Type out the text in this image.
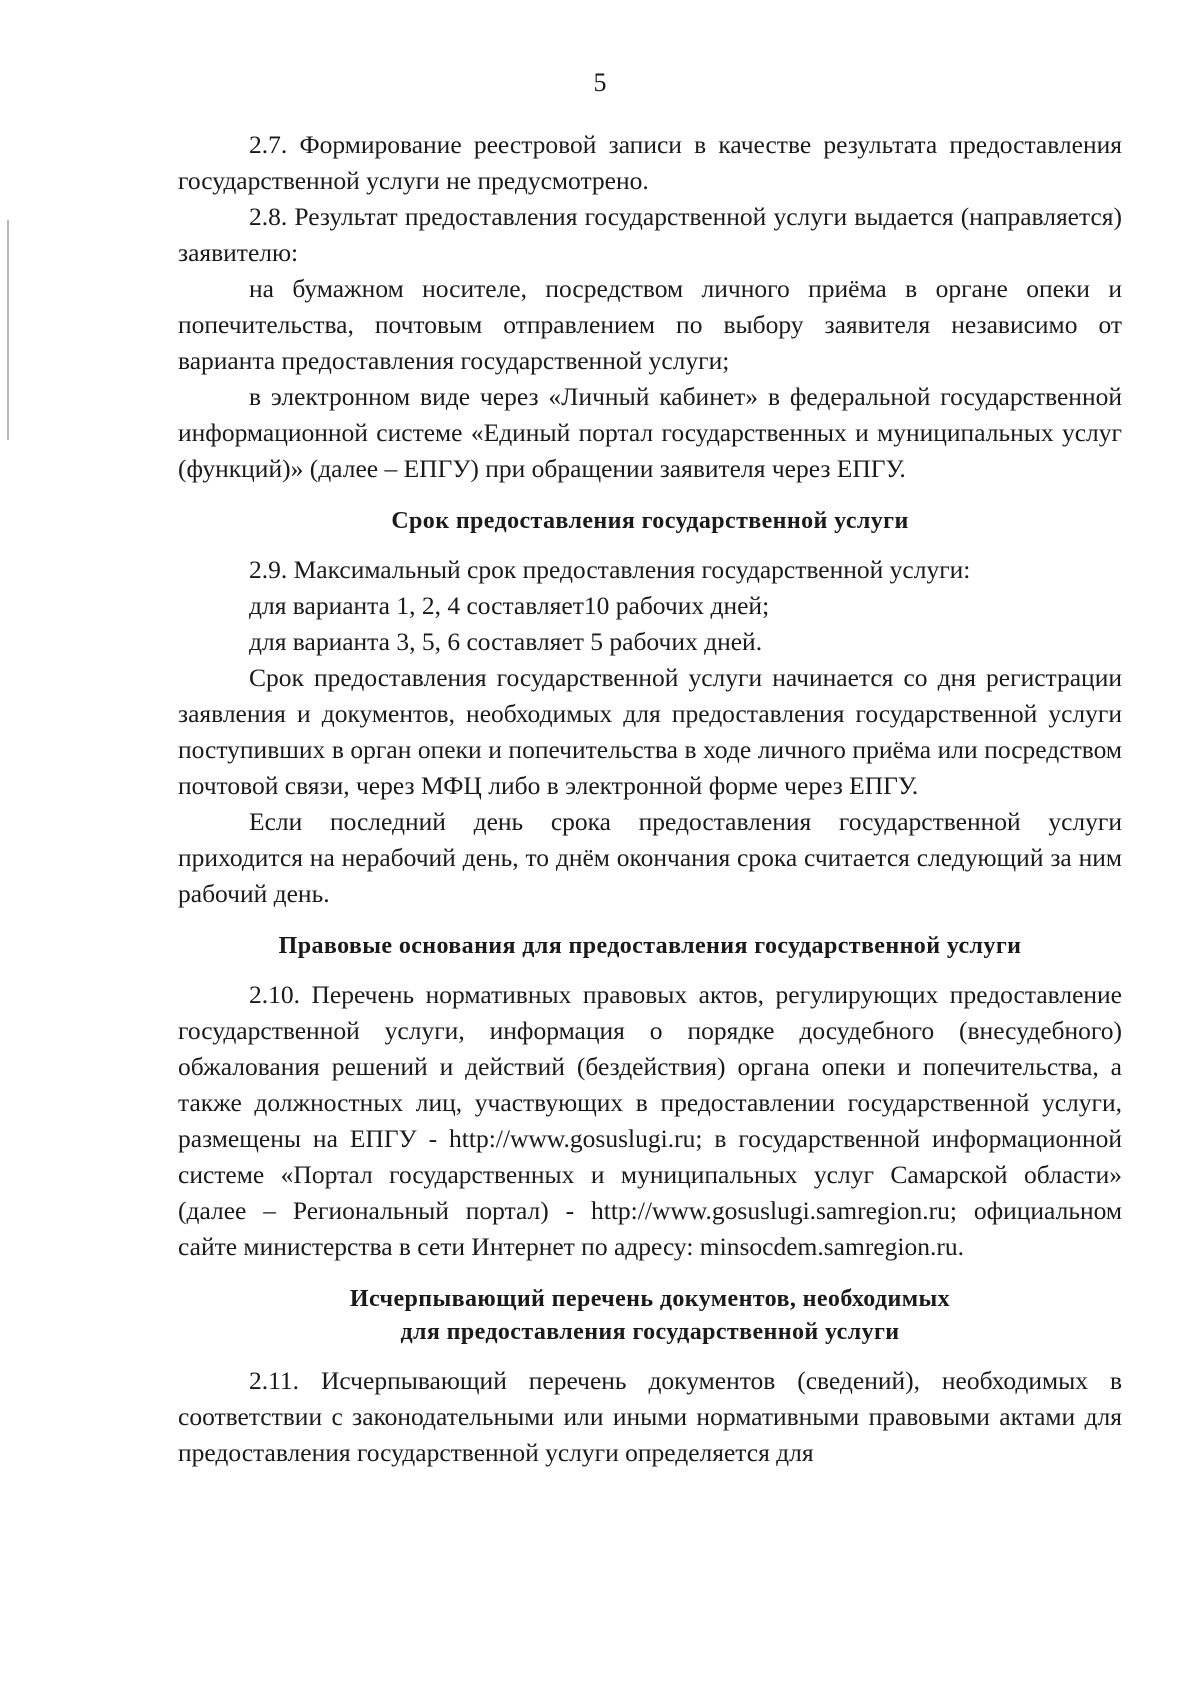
5

2.7. Формирование реестровой записи в качестве результата предоставления государственной услуги не предусмотрено.

2.8. Результат предоставления государственной услуги выдается (направляется) заявителю:

на бумажном носителе, посредством личного приёма в органе опеки и попечительства, почтовым отправлением по выбору заявителя независимо от варианта предоставления государственной услуги;

в электронном виде через «Личный кабинет» в федеральной государственной информационной системе «Единый портал государственных и муниципальных услуг (функций)» (далее – ЕПГУ) при обращении заявителя через ЕПГУ.

Срок предоставления государственной услуги

2.9. Максимальный срок предоставления государственной услуги:

для варианта 1, 2, 4 составляет10 рабочих дней;

для варианта 3, 5, 6 составляет 5 рабочих дней.

Срок предоставления государственной услуги начинается со дня регистрации заявления и документов, необходимых для предоставления государственной услуги поступивших в орган опеки и попечительства в ходе личного приёма или посредством почтовой связи, через МФЦ либо в электронной форме через ЕПГУ.

Если последний день срока предоставления государственной услуги приходится на нерабочий день, то днём окончания срока считается следующий за ним рабочий день.

Правовые основания для предоставления государственной услуги

2.10. Перечень нормативных правовых актов, регулирующих предоставление государственной услуги, информация о порядке досудебного (внесудебного) обжалования решений и действий (бездействия) органа опеки и попечительства, а также должностных лиц, участвующих в предоставлении государственной услуги, размещены на ЕПГУ - http://www.gosuslugi.ru; в государственной информационной системе «Портал государственных и муниципальных услуг Самарской области» (далее – Региональный портал) - http://www.gosuslugi.samregion.ru; официальном сайте министерства в сети Интернет по адресу: minsocdem.samregion.ru.

Исчерпывающий перечень документов, необходимых
для предоставления государственной услуги

2.11. Исчерпывающий перечень документов (сведений), необходимых в соответствии с законодательными или иными нормативными правовыми актами для предоставления государственной услуги определяется для
